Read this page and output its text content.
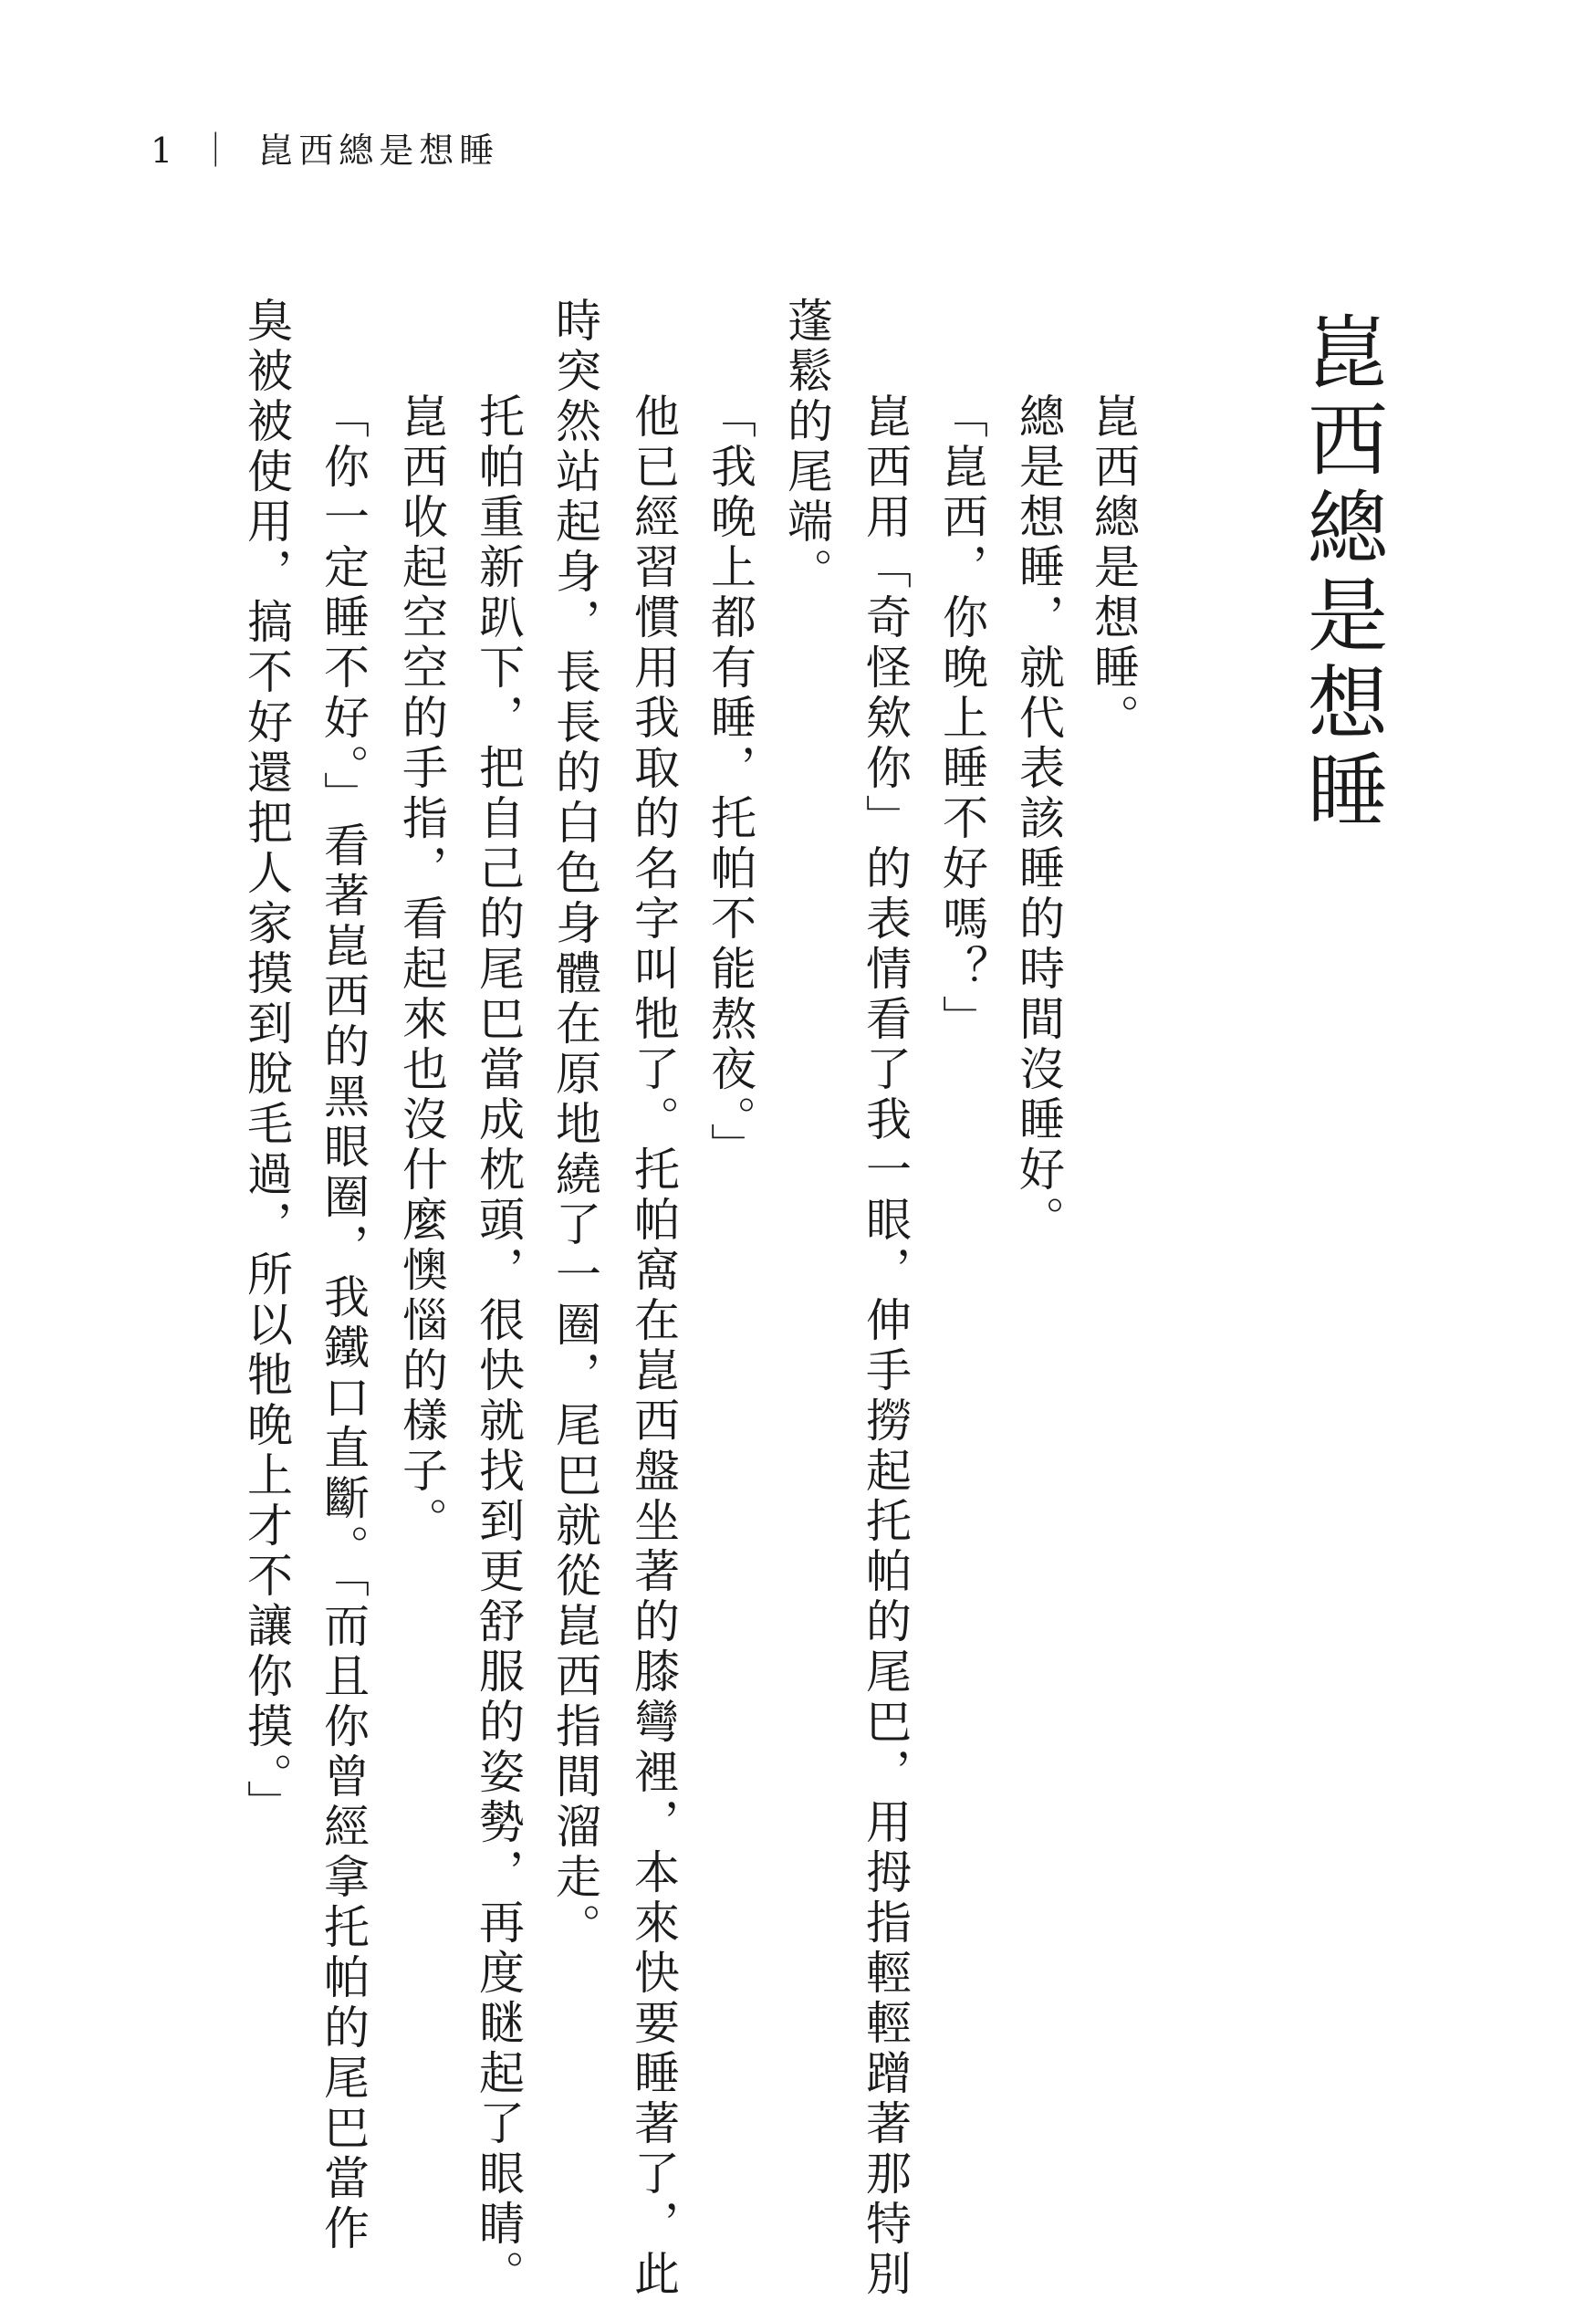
1 ｜ 崑西總是想睡
崑西總是想睡
崑西總是想睡。
總是想睡，就代表該睡的時間沒睡好。
「崑西，你晚上睡不好嗎？」
崑西用「奇怪欸你」的表情看了我一眼，伸手撈起托帕的尾巴，用拇指輕輕蹭著那特別
蓬鬆的尾端。
「我晚上都有睡，托帕不能熬夜。」
他已經習慣用我取的名字叫牠了。托帕窩在崑西盤坐著的膝彎裡，本來快要睡著了，此
時突然站起身，長長的白色身體在原地繞了一圈，尾巴就從崑西指間溜走。
托帕重新趴下，把自己的尾巴當成枕頭，很快就找到更舒服的姿勢，再度瞇起了眼睛。
崑西收起空空的手指，看起來也沒什麼懊惱的樣子。
「你一定睡不好。」看著崑西的黑眼圈，我鐵口直斷。「而且你曾經拿托帕的尾巴當作
臭被被使用，搞不好還把人家摸到脫毛過，所以牠晚上才不讓你摸。」
